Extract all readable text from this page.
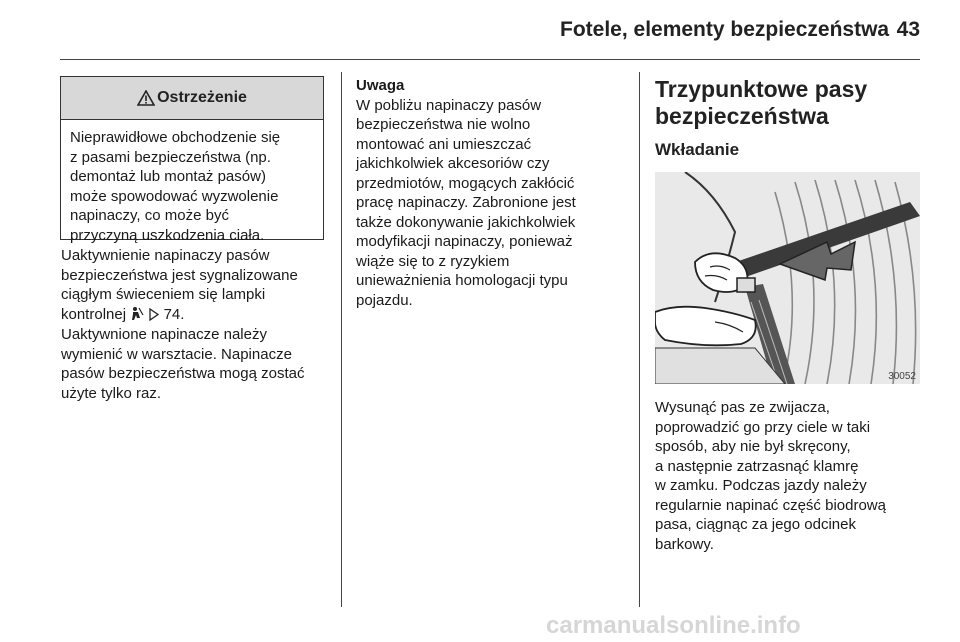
Fotele, elementy bezpieczeństwa 43
Ostrzeżenie
Nieprawidłowe obchodzenie się
z pasami bezpieczeństwa (np.
demontaż lub montaż pasów)
może spowodować wyzwolenie
napinaczy, co może być
przyczyną uszkodzenia ciała.
Uaktywnienie napinaczy pasów
bezpieczeństwa jest sygnalizowane
ciągłym świeceniem się lampki
kontrolnej	74.
Uaktywnione napinacze należy
wymienić w warsztacie. Napinacze
pasów bezpieczeństwa mogą zostać
użyte tylko raz.
Uwaga
W pobliżu napinaczy pasów
bezpieczeństwa nie wolno
montować ani umieszczać
jakichkolwiek akcesoriów czy
przedmiotów, mogących zakłócić
pracę napinaczy. Zabronione jest
także dokonywanie jakichkolwiek
modyfikacji napinaczy, ponieważ
wiąże się to z ryzykiem
unieważnienia homologacji typu
pojazdu.
Trzypunktowe pasy
bezpieczeństwa
Wkładanie
30052
Wysunąć pas ze zwijacza,
poprowadzić go przy ciele w taki
sposób, aby nie był skręcony,
a następnie zatrzasnąć klamrę
w zamku. Podczas jazdy należy
regularnie napinać część biodrową
pasa, ciągnąc za jego odcinek
barkowy.
carmanualsonline.info
